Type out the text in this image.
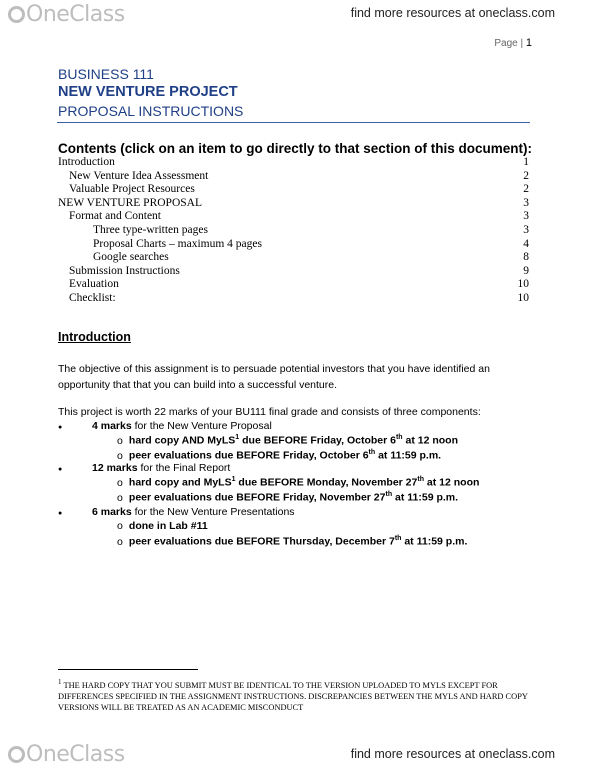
OneClass	find more resources at oneclass.com
Page | 1
BUSINESS 111
NEW VENTURE PROJECT
PROPOSAL INSTRUCTIONS
Contents (click on an item to go directly to that section of this document):
Introduction	1
New Venture Idea Assessment	2
Valuable Project Resources	2
NEW VENTURE PROPOSAL	3
Format and Content	3
Three type-written pages	3
Proposal Charts – maximum 4 pages	4
Google searches	8
Submission Instructions	9
Evaluation	10
Checklist:	10
Introduction
The objective of this assignment is to persuade potential investors that you have identified an opportunity that that you can build into a successful venture.
This project is worth 22 marks of your BU111 final grade and consists of three components:
●	4 marks for the New Venture Proposal
o hard copy AND MyLS$^1$ due BEFORE Friday, October 6th at 12 noon
o peer evaluations due BEFORE Friday, October 6th at 11:59 p.m.
●	12 marks for the Final Report
o hard copy and MyLS$^1$ due BEFORE Monday, November 27th at 12 noon
o peer evaluations due BEFORE Friday, November 27th at 11:59 p.m.
●	6 marks for the New Venture Presentations
o done in Lab #11
o peer evaluations due BEFORE Thursday, December 7th at 11:59 p.m.
$^1$ THE HARD COPY THAT YOU SUBMIT MUST BE IDENTICAL TO THE VERSION UPLOADED TO MYLS EXCEPT FOR DIFFERENCES SPECIFIED IN THE ASSIGNMENT INSTRUCTIONS. DISCREPANCIES BETWEEN THE MYLS AND HARD COPY VERSIONS WILL BE TREATED AS AN ACADEMIC MISCONDUCT
OneClass	find more resources at oneclass.com
